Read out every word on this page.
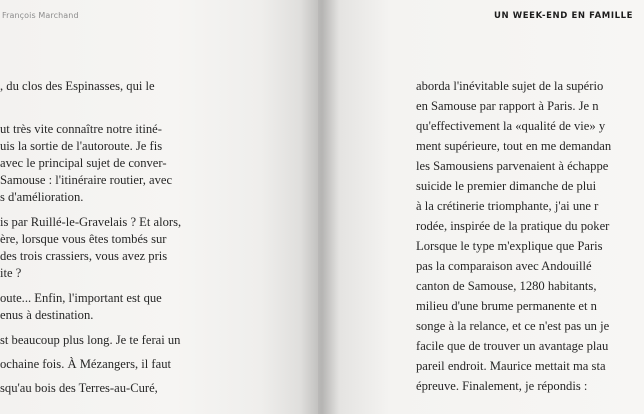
François Marchand
, du clos des Espinasses, qui le
ut très vite connaître notre itiné-
uis la sortie de l'autoroute. Je fis
avec le principal sujet de conver-
Samouse : l'itinéraire routier, avec
s d'amélioration.
is par Ruillé-le-Gravelais ? Et alors,
ère, lorsque vous êtes tombés sur
des trois crassiers, vous avez pris
ite ?
oute... Enfin, l'important est que
enus à destination.
st beaucoup plus long. Je te ferai un
ochaine fois. À Mézangers, il faut
squ'au bois des Terres-au-Curé,
UN WEEK-END EN FAMILLE
aborda l'inévitable sujet de la supério
en Samouse par rapport à Paris. Je n
qu'effectivement la «qualité de vie» y
ment supérieure, tout en me demandan
les Samousiens parvenaient à échappe
suicide le premier dimanche de plui
à la crétinerie triomphante, j'ai une r
rodée, inspirée de la pratique du poker
Lorsque le type m'explique que Paris
pas la comparaison avec Andouillé
canton de Samouse, 1280 habitants,
milieu d'une brume permanente et n
songe à la relance, et ce n'est pas un je
facile que de trouver un avantage plau
pareil endroit. Maurice mettait ma sta
épreuve. Finalement, je répondis :
